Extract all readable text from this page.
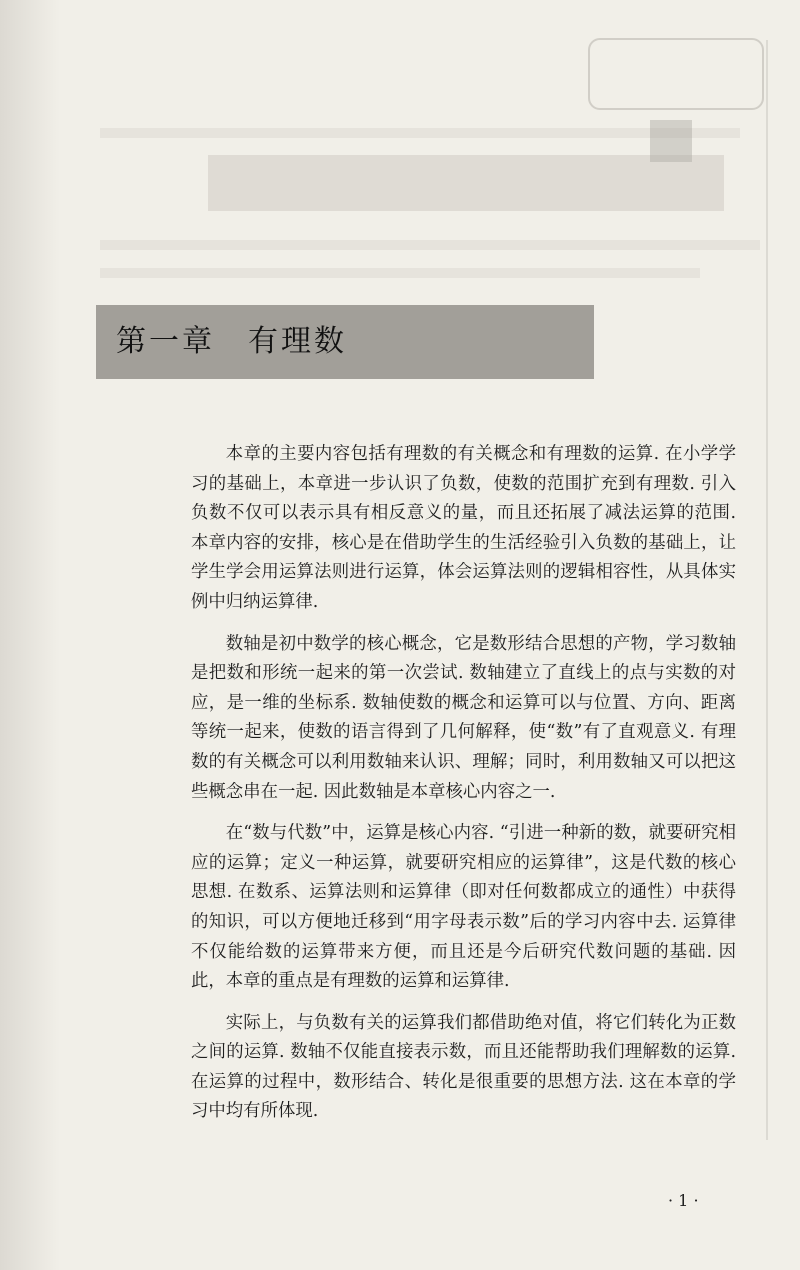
第一章　有理数

本章的主要内容包括有理数的有关概念和有理数的运算. 在小学学习的基础上，本章进一步认识了负数，使数的范围扩充到有理数. 引入负数不仅可以表示具有相反意义的量，而且还拓展了减法运算的范围. 本章内容的安排，核心是在借助学生的生活经验引入负数的基础上，让学生学会用运算法则进行运算，体会运算法则的逻辑相容性，从具体实例中归纳运算律.

数轴是初中数学的核心概念，它是数形结合思想的产物，学习数轴是把数和形统一起来的第一次尝试. 数轴建立了直线上的点与实数的对应，是一维的坐标系. 数轴使数的概念和运算可以与位置、方向、距离等统一起来，使数的语言得到了几何解释，使“数”有了直观意义. 有理数的有关概念可以利用数轴来认识、理解；同时，利用数轴又可以把这些概念串在一起. 因此数轴是本章核心内容之一.

在“数与代数”中，运算是核心内容. “引进一种新的数，就要研究相应的运算；定义一种运算，就要研究相应的运算律”，这是代数的核心思想. 在数系、运算法则和运算律（即对任何数都成立的通性）中获得的知识，可以方便地迁移到“用字母表示数”后的学习内容中去. 运算律不仅能给数的运算带来方便，而且还是今后研究代数问题的基础. 因此，本章的重点是有理数的运算和运算律.

实际上，与负数有关的运算我们都借助绝对值，将它们转化为正数之间的运算. 数轴不仅能直接表示数，而且还能帮助我们理解数的运算. 在运算的过程中，数形结合、转化是很重要的思想方法. 这在本章的学习中均有所体现.

· 1 ·
